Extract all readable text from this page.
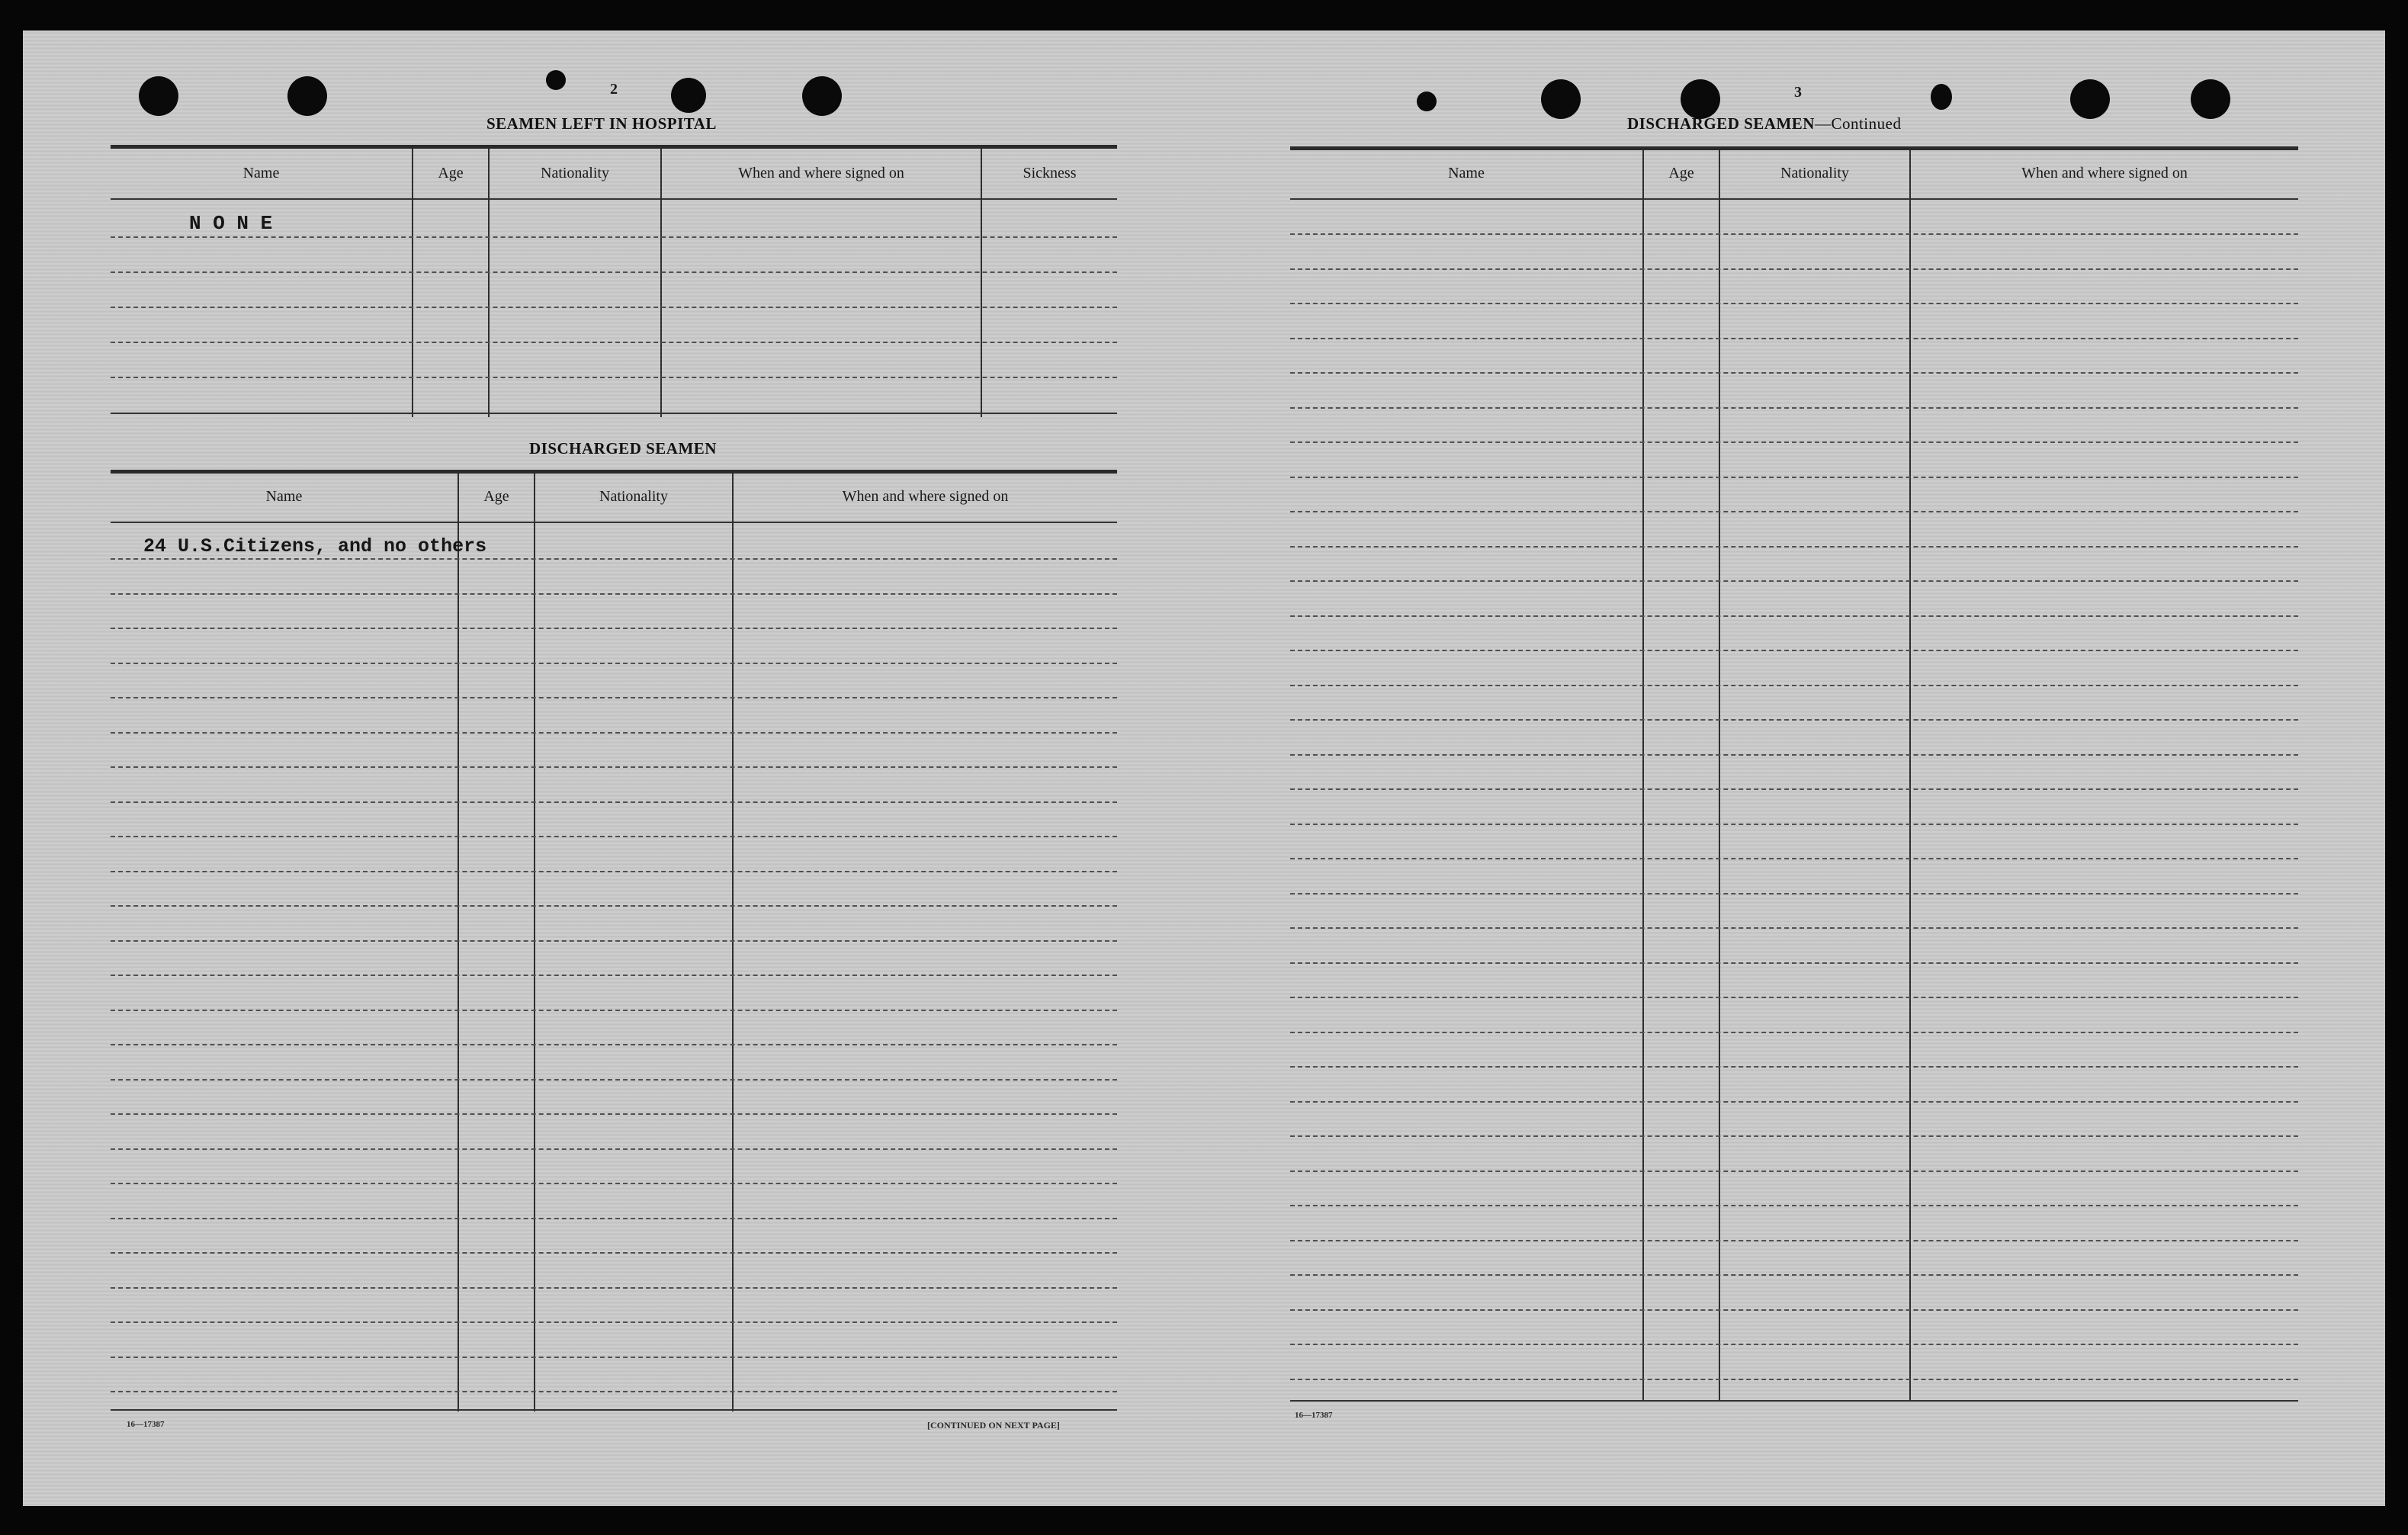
2
SEAMEN LEFT IN HOSPITAL
Name	Age	Nationality	When and where signed on	Sickness
N O N E
DISCHARGED SEAMEN
Name	Age	Nationality	When and where signed on
24 U.S.Citizens, and no others
16—17387	[CONTINUED ON NEXT PAGE]
3
DISCHARGED SEAMEN—Continued
Name	Age	Nationality	When and where signed on
16—17387
